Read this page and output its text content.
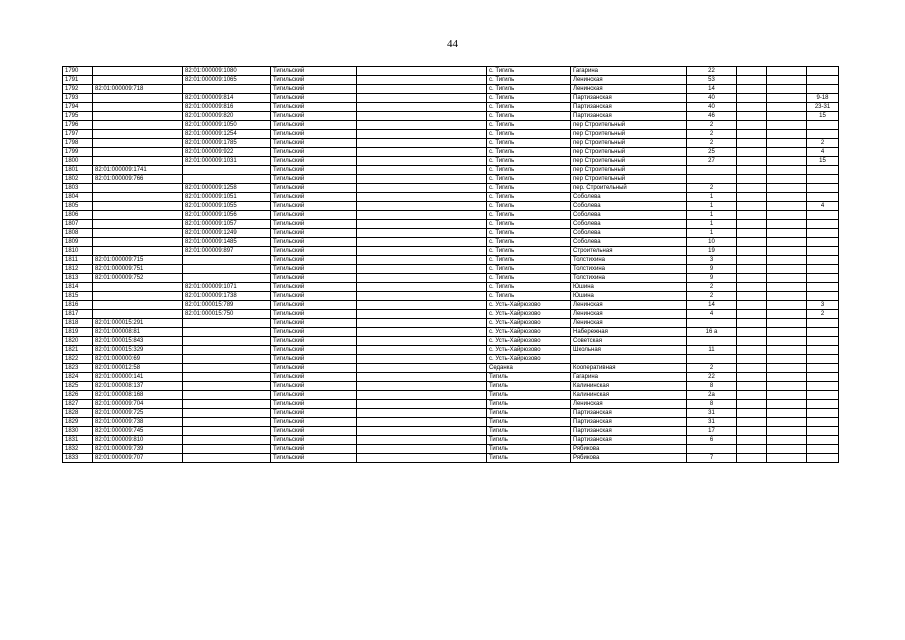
44
1790		82:01:000009:1080	Тигильский		с. Тигиль	Гагарина	22			
1791		82:01:000009:1065	Тигильский		с. Тигиль	Ленинская	53			
1792	82:01:000009:718		Тигильский		с. Тигиль	Ленинская	14			
1793		82:01:000009:814	Тигильский		с. Тигиль	Партизанская	40			9-18
1794		82:01:000009:816	Тигильский		с. Тигиль	Партизанская	40			23-31
1795		82:01:000009:820	Тигильский		с. Тигиль	Партизанская	46			15
1796		82:01:000009:1050	Тигильский		с. Тигиль	пер Строительный	2			
1797		82:01:000009:1254	Тигильский		с. Тигиль	пер Строительный	2			
1798		82:01:000009:1785	Тигильский		с. Тигиль	пер Строительный	2			2
1799		82:01:000009:922	Тигильский		с. Тигиль	пер Строительный	25			4
1800		82:01:000009:1031	Тигильский		с. Тигиль	пер Строительный	27			15
1801	82:01:000009:1741		Тигильский		с. Тигиль	пер Строительный				
1802	82:01:000009:766		Тигильский		с. Тигиль	пер Строительный				
1803		82:01:000009:1258	Тигильский		с. Тигиль	пер. Строительный	2			
1804		82:01:000009:1051	Тигильский		с. Тигиль	Соболева	1			
1805		82:01:000009:1055	Тигильский		с. Тигиль	Соболева	1			4
1806		82:01:000009:1056	Тигильский		с. Тигиль	Соболева	1			
1807		82:01:000009:1057	Тигильский		с. Тигиль	Соболева	1			
1808		82:01:000009:1249	Тигильский		с. Тигиль	Соболева	1			
1809		82:01:000009:1485	Тигильский		с. Тигиль	Соболева	10			
1810		82:01:000009:897	Тигильский		с. Тигиль	Строительная	19			
1811	82:01:000009:715		Тигильский		с. Тигиль	Толстихина	3			
1812	82:01:000009:751		Тигильский		с. Тигиль	Толстихина	9			
1813	82:01:000009:752		Тигильский		с. Тигиль	Толстихина	9			
1814		82:01:000009:1071	Тигильский		с. Тигиль	Юшина	2			
1815		82:01:000009:1738	Тигильский		с. Тигиль	Юшина	2			
1816		82:01:000015:789	Тигильский		с. Усть-Хайрюзово	Ленинская	14			3
1817		82:01:000015:750	Тигильский		с. Усть-Хайрюзово	Ленинская	4			2
1818	82:01:000015:291		Тигильский		с. Усть-Хайрюзово	Ленинская				
1819	82:01:000008:81		Тигильский		с. Усть-Хайрюзово	Набережная	16 а			
1820	82:01:000015:843		Тигильский		с. Усть-Хайрюзово	Советская				
1821	82:01:000015:329		Тигильский		с. Усть-Хайрюзово	Школьная	11			
1822	82:01:000000:69		Тигильский		с. Усть-Хайрюзово					
1823	82:01:000012:58		Тигильский		Седанка	Кооперативная	2			
1824	82:01:000000:141		Тигильский		Тигиль	Гагарина	22			
1825	82:01:000008:137		Тигильский		Тигиль	Калининская	8			
1826	82:01:000008:168		Тигильский		Тигиль	Калининская	2а			
1827	82:01:000009:704		Тигильский		Тигиль	Ленинская	8			
1828	82:01:000009:725		Тигильский		Тигиль	Партизанская	31			
1829	82:01:000009:738		Тигильский		Тигиль	Партизанская	31			
1830	82:01:000009:745		Тигильский		Тигиль	Партизанская	17			
1831	82:01:000009:810		Тигильский		Тигиль	Партизанская	6			
1832	82:01:000009:739		Тигильский		Тигиль	Рябикова				
1833	82:01:000009:707		Тигильский		Тигиль	Рябикова	7			
